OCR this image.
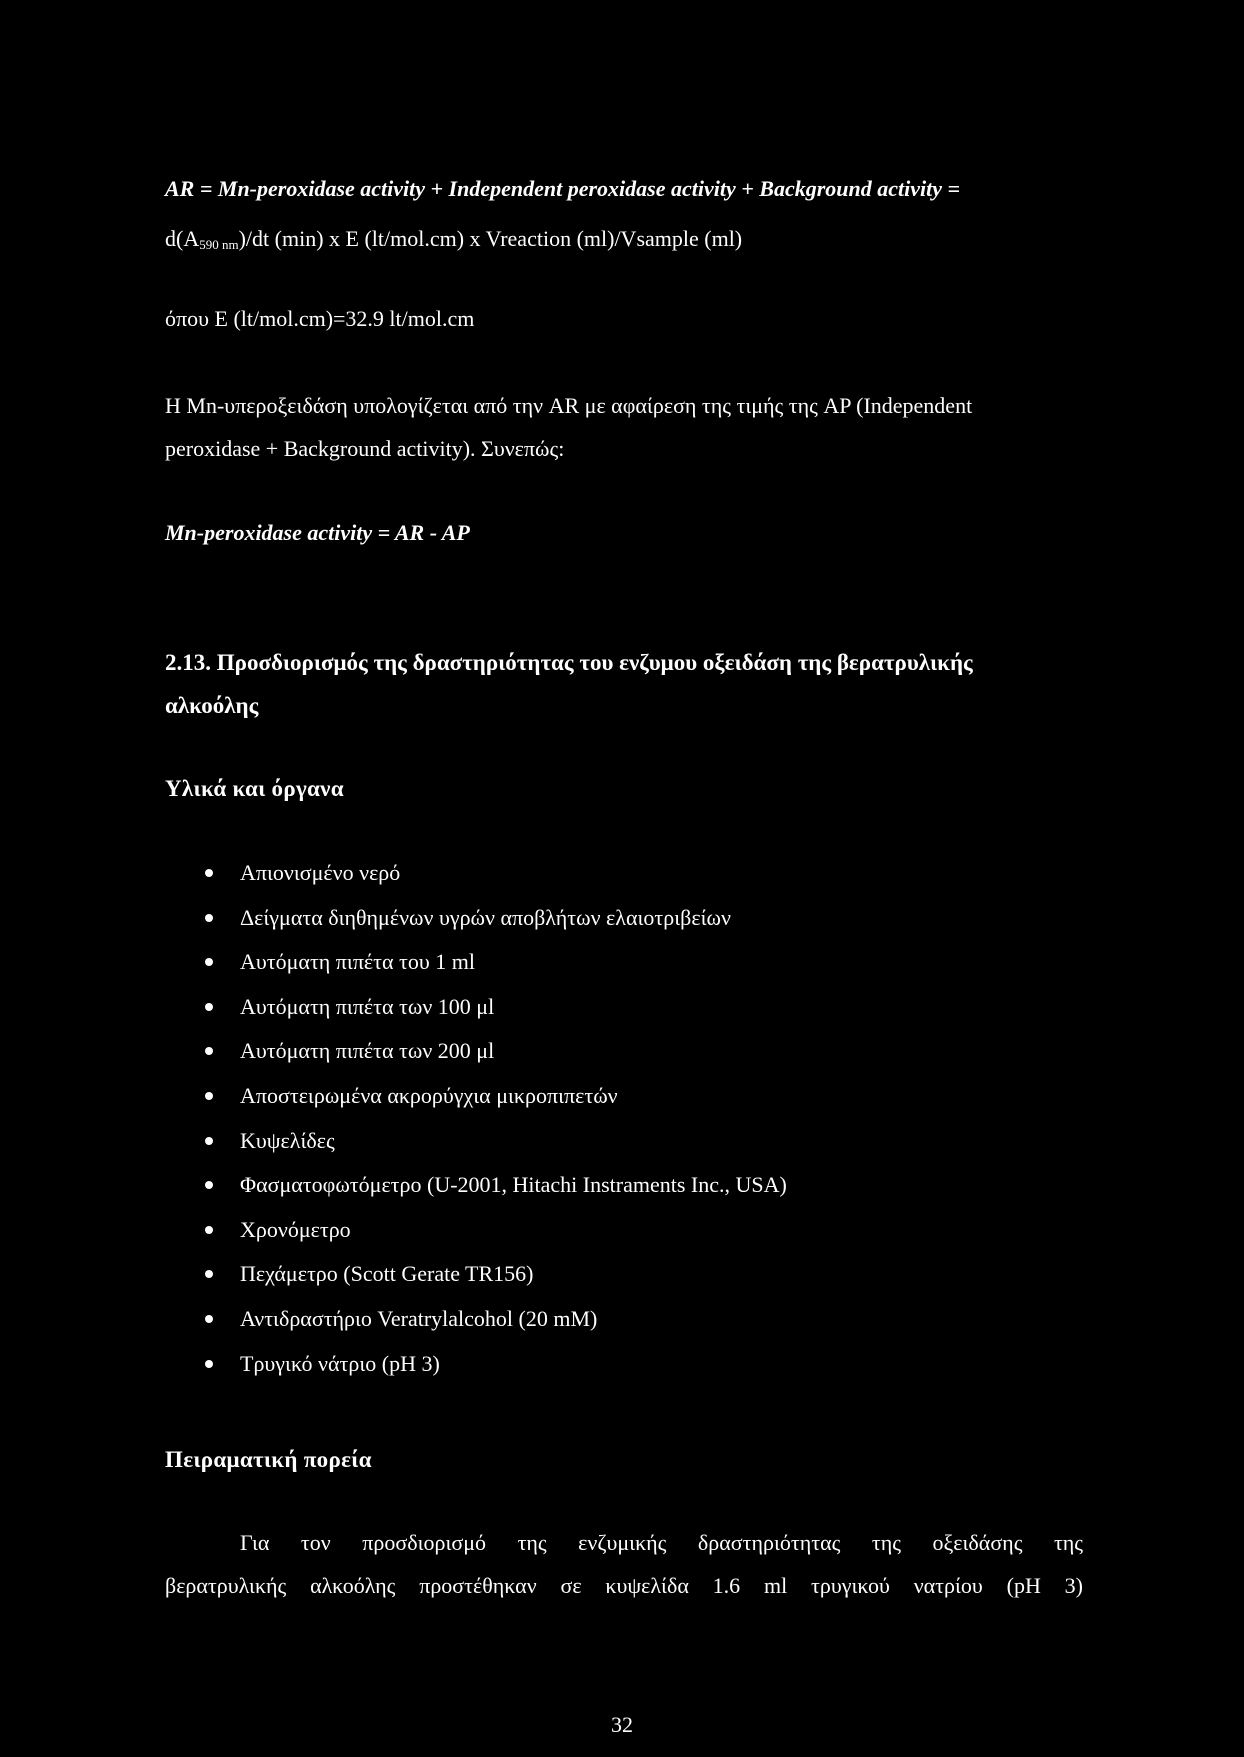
AR = Mn-peroxidase activity + Independent peroxidase activity + Background activity =
$d(A_{590 nm})/dt$ (min) x E (lt/mol.cm) x Vreaction (ml)/Vsample (ml)
όπου E (lt/mol.cm)=32.9 lt/mol.cm
Η Mn-υπεροξειδάση υπολογίζεται από την AR με αφαίρεση της τιμής της AP (Independent
peroxidase + Background activity). Συνεπώς:
Mn-peroxidase activity = AR - AP
2.13. Προσδιορισμός της δραστηριότητας του ενζυμου οξειδάση της βερατρυλικής
αλκοόλης
Υλικά και όργανα
Απιονισμένο νερό
Δείγματα διηθημένων υγρών αποβλήτων ελαιοτριβείων
Αυτόματη πιπέτα του 1 ml
Αυτόματη πιπέτα των 100 μl
Αυτόματη πιπέτα των 200 μl
Αποστειρωμένα ακρορύγχια μικροπιπετών
Κυψελίδες
Φασματοφωτόμετρο (U-2001, Hitachi Instraments Inc., USA)
Χρονόμετρο
Πεχάμετρο (Scott Gerate TR156)
Αντιδραστήριο Veratrylalcohol (20 mM)
Τρυγικό νάτριο (pH 3)
Πειραματική πορεία
Για τον προσδιορισμό της ενζυμικής δραστηριότητας της οξειδάσης της
βερατρυλικής αλκοόλης προστέθηκαν σε κυψελίδα 1.6 ml τρυγικού νατρίου (pH 3)
32
